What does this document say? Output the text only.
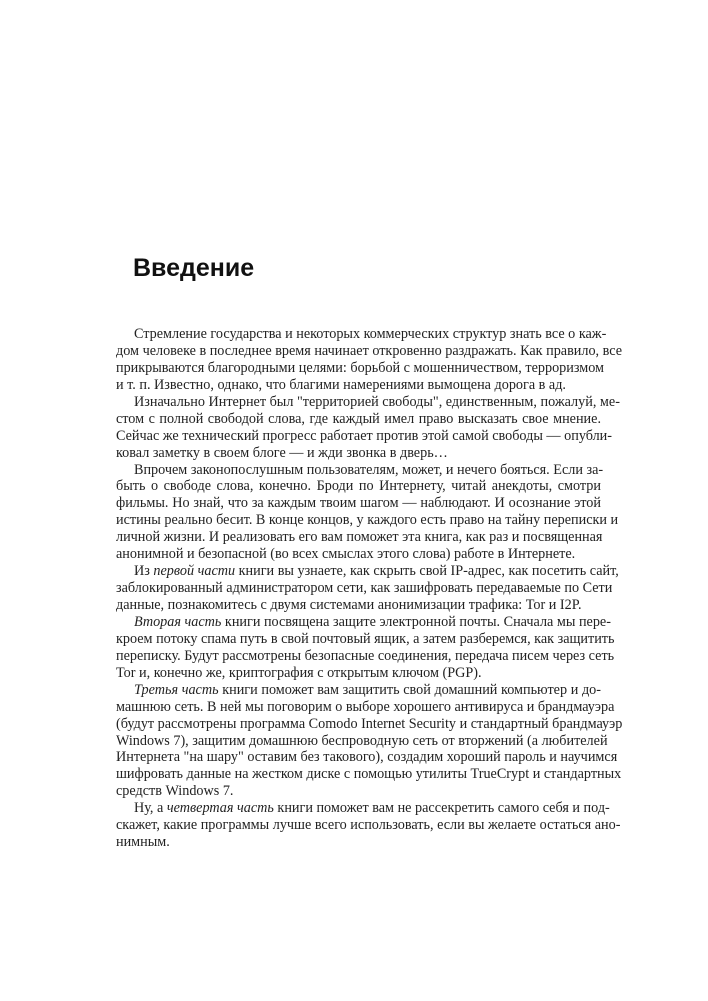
Введение
Стремление государства и некоторых коммерческих структур знать все о каж-
дом человеке в последнее время начинает откровенно раздражать. Как правило, все
прикрываются благородными целями: борьбой с мошенничеством, терроризмом
и т. п. Известно, однако, что благими намерениями вымощена дорога в ад.
Изначально Интернет был "территорией свободы", единственным, пожалуй, ме-
стом с полной свободой слова, где каждый имел право высказать свое мнение.
Сейчас же технический прогресс работает против этой самой свободы — опубли-
ковал заметку в своем блоге — и жди звонка в дверь…
Впрочем законопослушным пользователям, может, и нечего бояться. Если за-
быть о свободе слова, конечно. Броди по Интернету, читай анекдоты, смотри
фильмы. Но знай, что за каждым твоим шагом — наблюдают. И осознание этой
истины реально бесит. В конце концов, у каждого есть право на тайну переписки и
личной жизни. И реализовать его вам поможет эта книга, как раз и посвященная
анонимной и безопасной (во всех смыслах этого слова) работе в Интернете.
Из первой части книги вы узнаете, как скрыть свой IP-адрес, как посетить сайт,
заблокированный администратором сети, как зашифровать передаваемые по Сети
данные, познакомитесь с двумя системами анонимизации трафика: Tor и I2P.
Вторая часть книги посвящена защите электронной почты. Сначала мы пере-
кроем потоку спама путь в свой почтовый ящик, а затем разберемся, как защитить
переписку. Будут рассмотрены безопасные соединения, передача писем через сеть
Tor и, конечно же, криптография с открытым ключом (PGP).
Третья часть книги поможет вам защитить свой домашний компьютер и до-
машнюю сеть. В ней мы поговорим о выборе хорошего антивируса и брандмауэра
(будут рассмотрены программа Comodo Internet Security и стандартный брандмауэр
Windows 7), защитим домашнюю беспроводную сеть от вторжений (а любителей
Интернета "на шару" оставим без такового), создадим хороший пароль и научимся
шифровать данные на жестком диске с помощью утилиты TrueCrypt и стандартных
средств Windows 7.
Ну, а четвертая часть книги поможет вам не рассекретить самого себя и под-
скажет, какие программы лучше всего использовать, если вы желаете остаться ано-
нимным.
